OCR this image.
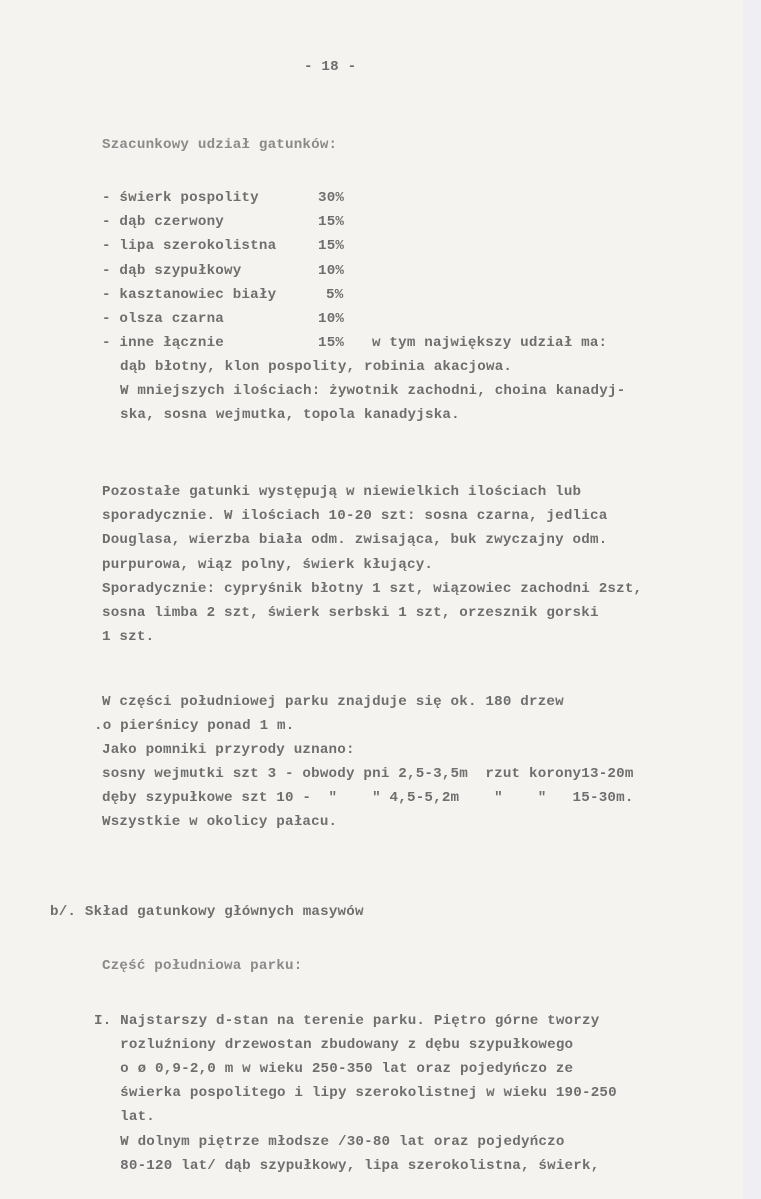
- 18 -
Szacunkowy udział gatunków:
- świerk pospolity	30%
- dąb czerwony	15%
- lipa szerokolistna	15%
- dąb szypułkowy	10%
- kasztanowiec biały	5%
- olsza czarna	10%
- inne łącznie	15% w tym największy udział ma:
dąb błotny, klon pospolity, robinia akacjowa.
W mniejszych ilościach: żywotnik zachodni, choina kanadyj-
ska, sosna wejmutka, topola kanadyjska.
Pozostałe gatunki występują w niewielkich ilościach lub
sporadycznie. W ilościach 10-20 szt: sosna czarna, jedlica
Douglasa, wierzba biała odm. zwisająca, buk zwyczajny odm.
purpurowa, wiąz polny, świerk kłujący.
Sporadycznie: cypryśnik błotny 1 szt, wiązowiec zachodni 2szt,
sosna limba 2 szt, świerk serbski 1 szt, orzesznik gorski
1 szt.
W części południowej parku znajduje się ok. 180 drzew
.o pierśnicy ponad 1 m.
Jako pomniki przyrody uznano:
sosny wejmutki szt 3 - obwody pni 2,5-3,5m  rzut korony13-20m
dęby szypułkowe szt 10 -  "    " 4,5-5,2m    "    "   15-30m.
Wszystkie w okolicy pałacu.
b/. Skład gatunkowy głównych masywów
Część południowa parku:
I. Najstarszy d-stan na terenie parku. Piętro górne tworzy
rozluźniony drzewostan zbudowany z dębu szypułkowego
o ø 0,9-2,0 m w wieku 250-350 lat oraz pojedyńczo ze
świerka pospolitego i lipy szerokolistnej w wieku 190-250
lat.
W dolnym piętrze młodsze /30-80 lat oraz pojedyńczo
80-120 lat/ dąb szypułkowy, lipa szerokolistna, świerk,
